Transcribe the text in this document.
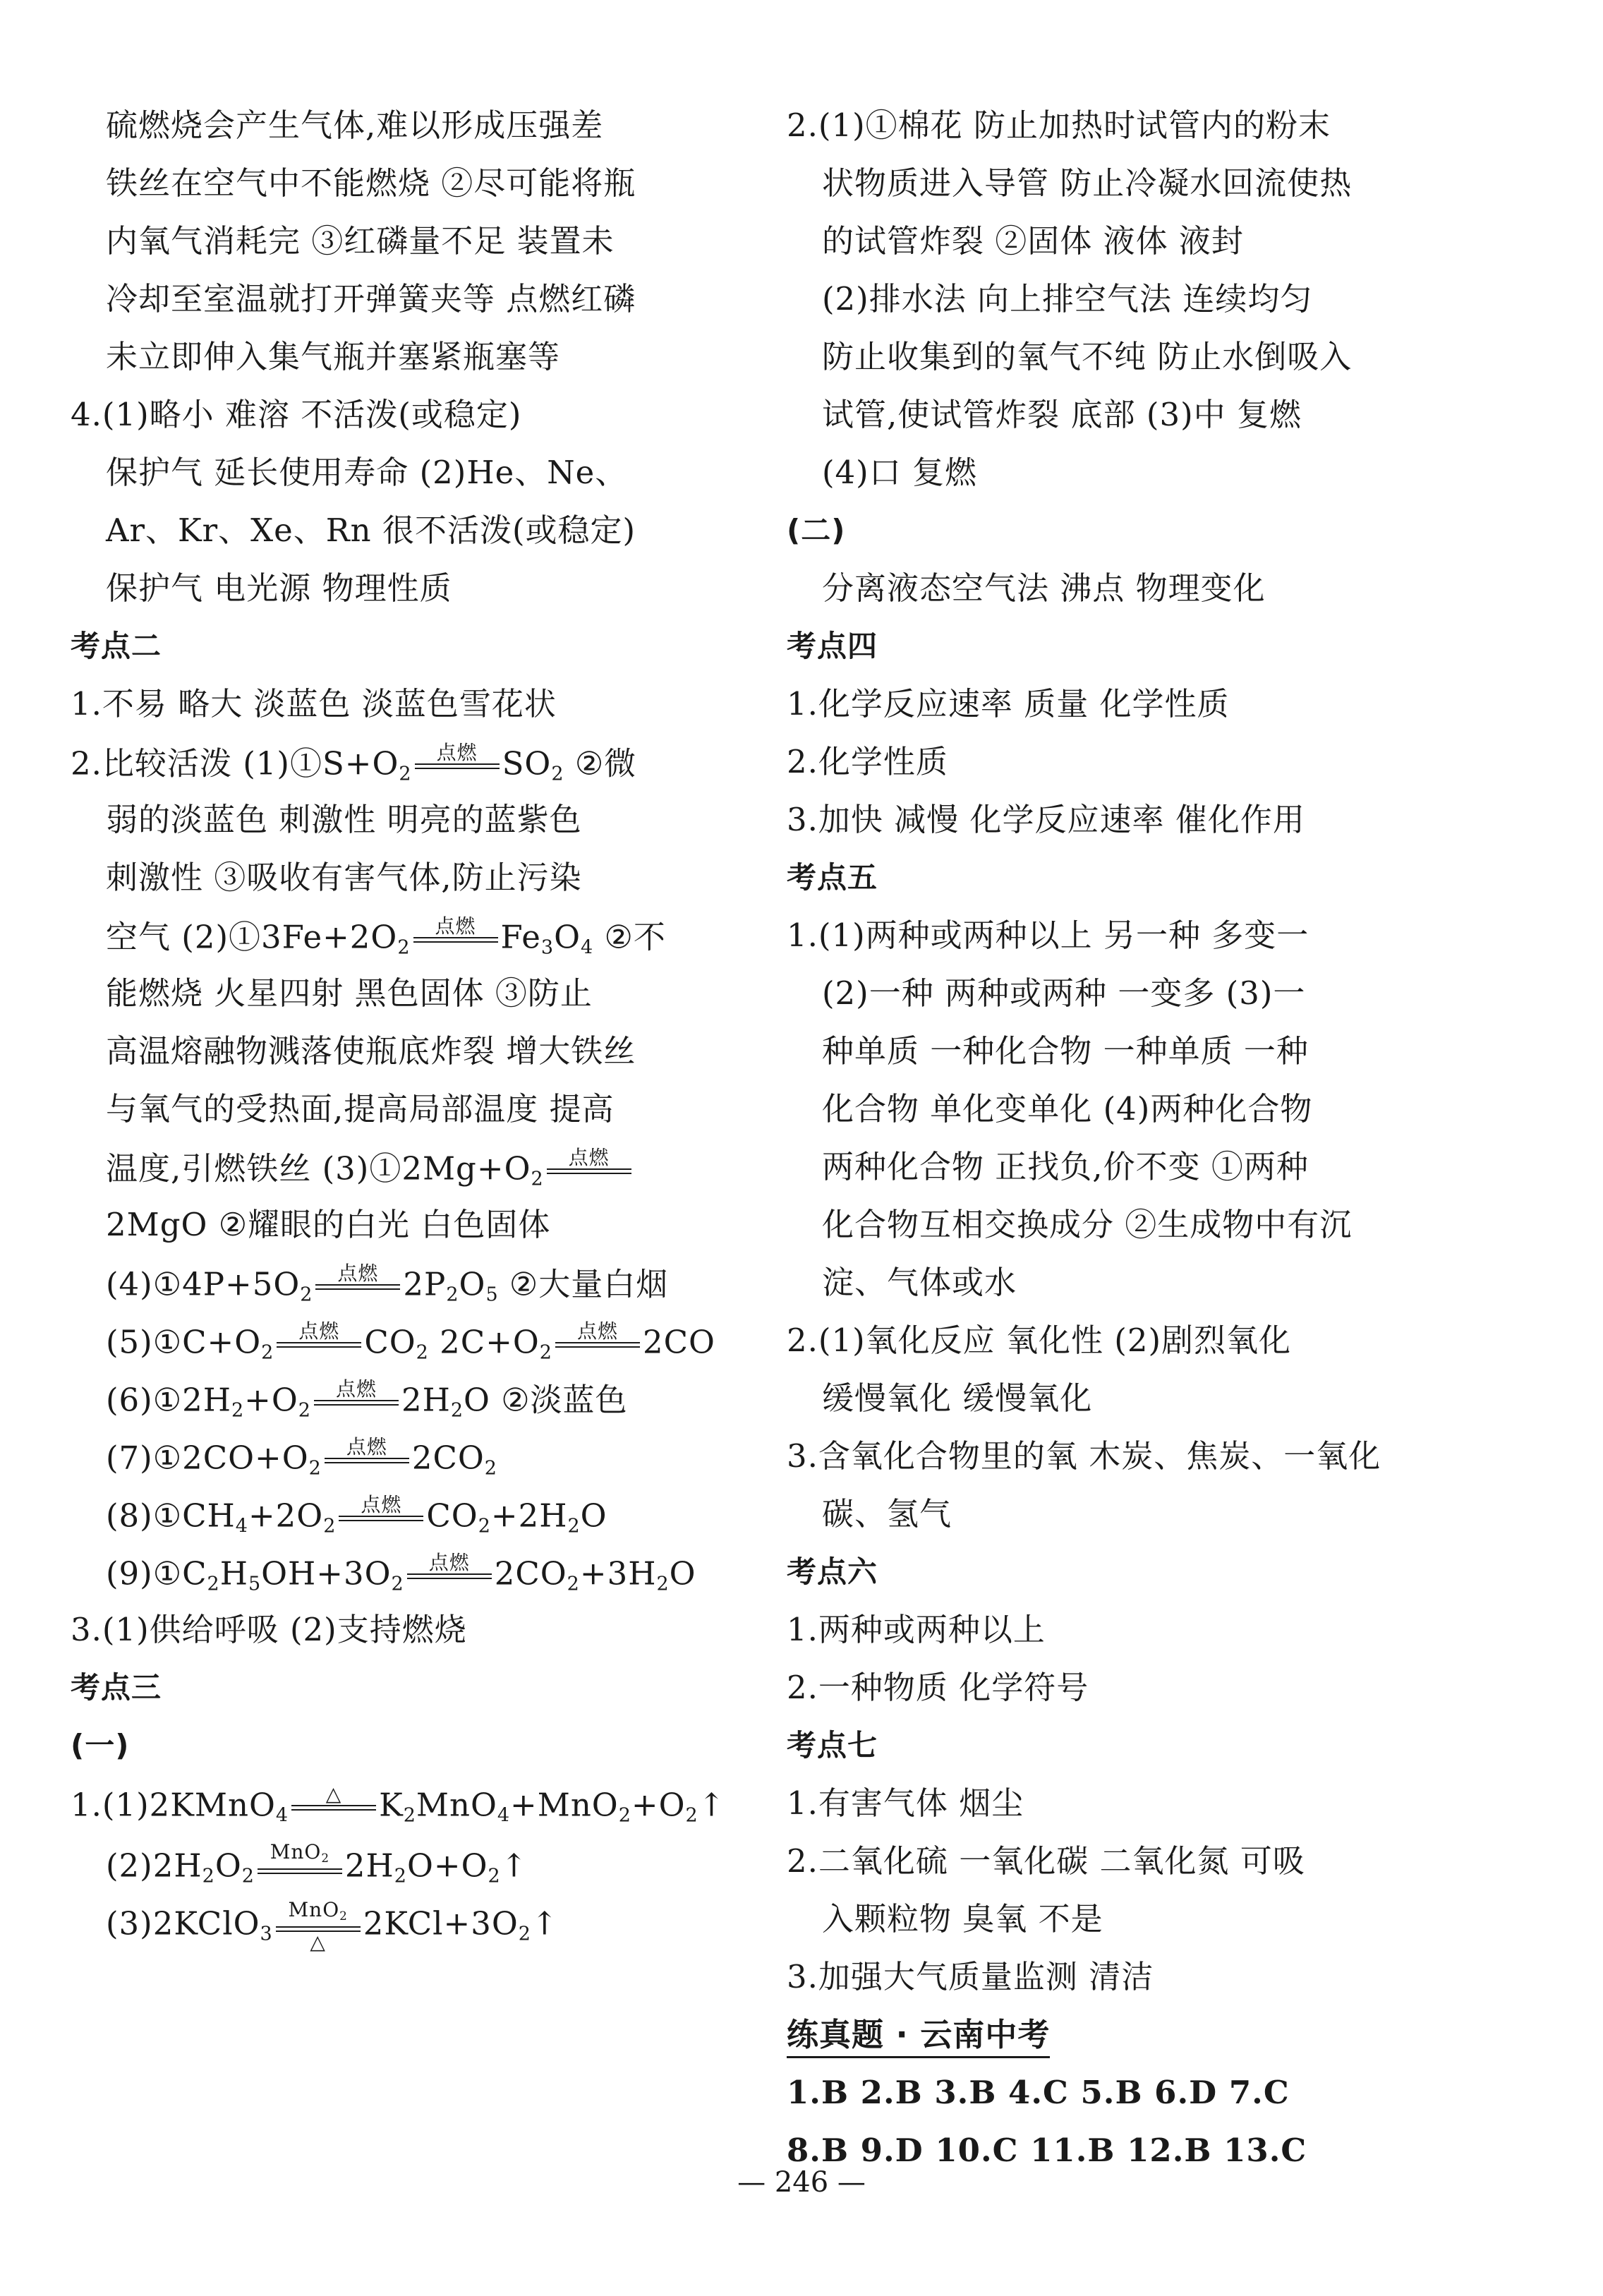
硫燃烧会产生气体,难以形成压强差
铁丝在空气中不能燃烧 ②尽可能将瓶
内氧气消耗完 ③红磷量不足 装置未
冷却至室温就打开弹簧夹等 点燃红磷
未立即伸入集气瓶并塞紧瓶塞等
4.(1)略小 难溶 不活泼(或稳定)
保护气 延长使用寿命 (2)He、Ne、
Ar、Kr、Xe、Rn 很不活泼(或稳定)
保护气 电光源 物理性质
考点二
1.不易 略大 淡蓝色 淡蓝色雪花状
2.比较活泼 $(1)①S+O_2$
点燃 $SO_2$ ②微
弱的淡蓝色 刺激性 明亮的蓝紫色
刺激性 ③吸收有害气体,防止污染
空气 $(2)①3Fe+2O_2$
点燃 $Fe_3O_4$ ②不
能燃烧 火星四射 黑色固体 ③防止
高温熔融物溅落使瓶底炸裂 增大铁丝
与氧气的受热面,提高局部温度 提高
温度,引燃铁丝 $(3)①2Mg+O_2$
点燃
2MgO ②耀眼的白光 白色固体
$(4)①4P+5O_2$
点燃 $2P_2O_5$ ②大量白烟
$(5)①C+O_2$
点燃 $CO_2$ $2C+O_2$
点燃 2CO
$(6)①2H_2+O_2$
点燃 $2H_2O$ ②淡蓝色
$(7)①2CO+O_2$
点燃 $2CO_2$
$(8)①CH_4+2O_2$
点燃 $CO_2+2H_2O$
$(9)①C_2H_5OH+3O_2$
点燃 $2CO_2+3H_2O$
3.(1)供给呼吸 (2)支持燃烧
考点三
(一)
1.(1)2KMnO$_4$
△	$K_2MnO_4+MnO_2+O_2↑$
$(2)2H_2O_2$
MnO$_2$ $2H_2O+O_2↑$
(3)2KClO$_3$
MnO$_2$
△
$2KCl+3O_2↑$
2.(1)①棉花 防止加热时试管内的粉末
状物质进入导管 防止冷凝水回流使热
的试管炸裂 ②固体 液体 液封
(2)排水法 向上排空气法 连续均匀
防止收集到的氧气不纯 防止水倒吸入
试管,使试管炸裂 底部 (3)中 复燃
(4)口 复燃
(二)
分离液态空气法 沸点 物理变化
考点四
1.化学反应速率 质量 化学性质
2.化学性质
3.加快 减慢 化学反应速率 催化作用
考点五
1.(1)两种或两种以上 另一种 多变一
(2)一种 两种或两种 一变多 (3)一
种单质 一种化合物 一种单质 一种
化合物 单化变单化 (4)两种化合物
两种化合物 正找负,价不变 ①两种
化合物互相交换成分 ②生成物中有沉
淀、气体或水
2.(1)氧化反应 氧化性 (2)剧烈氧化
缓慢氧化 缓慢氧化
3.含氧化合物里的氧 木炭、焦炭、一氧化
碳、氢气
考点六
1.两种或两种以上
2.一种物质 化学符号
考点七
1.有害气体 烟尘
2.二氧化硫 一氧化碳 二氧化氮 可吸
入颗粒物 臭氧 不是
3.加强大气质量监测 清洁
练真题 · 云南中考
1.B 2.B 3.B 4.C 5.B 6.D 7.C
8.B 9.D 10.C 11.B 12.B 13.C
— 246 —
